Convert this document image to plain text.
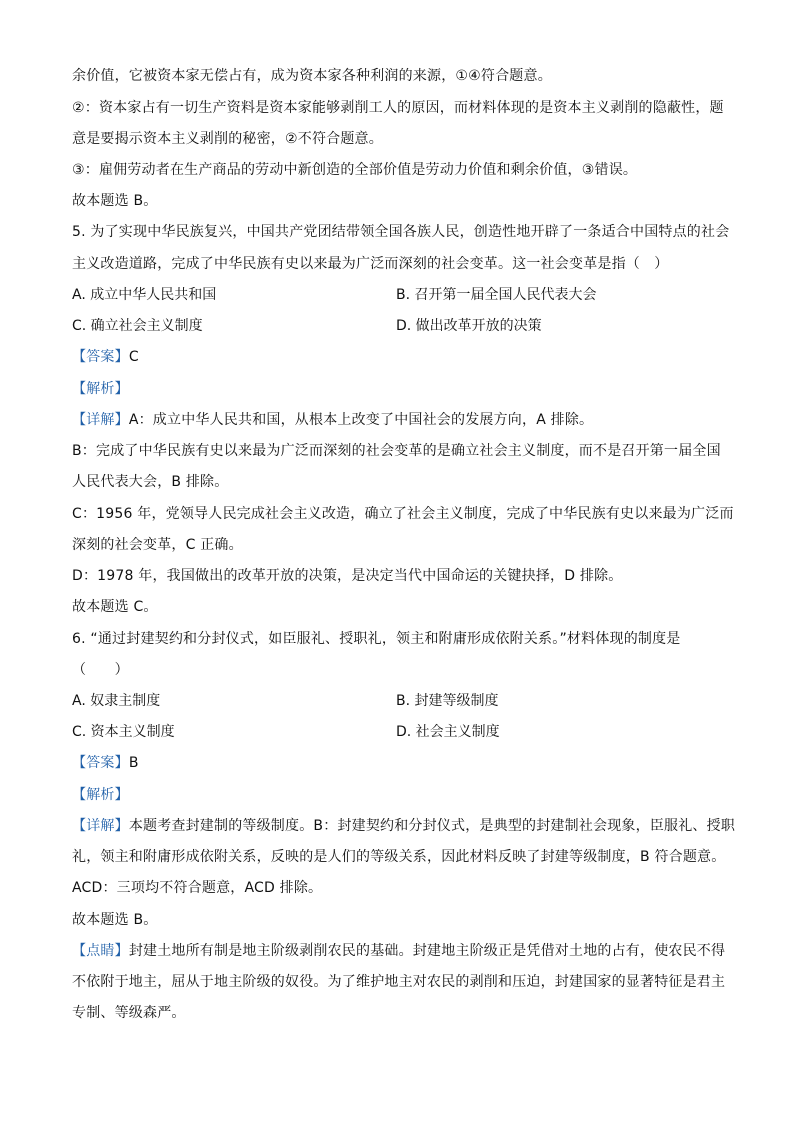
余价值，它被资本家无偿占有，成为资本家各种利润的来源，①④符合题意。
②：资本家占有一切生产资料是资本家能够剥削工人的原因，而材料体现的是资本主义剥削的隐蔽性，题
意是要揭示资本主义剥削的秘密，②不符合题意。
③：雇佣劳动者在生产商品的劳动中新创造的全部价值是劳动力价值和剩余价值，③错误。
故本题选 B。
5. 为了实现中华民族复兴，中国共产党团结带领全国各族人民，创造性地开辟了一条适合中国特点的社会
主义改造道路，完成了中华民族有史以来最为广泛而深刻的社会变革。这一社会变革是指（　）
A. 成立中华人民共和国	B. 召开第一届全国人民代表大会
C. 确立社会主义制度	D. 做出改革开放的决策
【答案】C
【解析】
【详解】A：成立中华人民共和国，从根本上改变了中国社会的发展方向，A 排除。
B：完成了中华民族有史以来最为广泛而深刻的社会变革的是确立社会主义制度，而不是召开第一届全国
人民代表大会，B 排除。
C：1956 年，党领导人民完成社会主义改造，确立了社会主义制度，完成了中华民族有史以来最为广泛而
深刻的社会变革，C 正确。
D：1978 年，我国做出的改革开放的决策，是决定当代中国命运的关键抉择，D 排除。
故本题选 C。
6. “通过封建契约和分封仪式，如臣服礼、授职礼，领主和附庸形成依附关系。”材料体现的制度是
（　　）
A. 奴隶主制度	B. 封建等级制度
C. 资本主义制度	D. 社会主义制度
【答案】B
【解析】
【详解】本题考查封建制的等级制度。B：封建契约和分封仪式，是典型的封建制社会现象，臣服礼、授职
礼，领主和附庸形成依附关系，反映的是人们的等级关系，因此材料反映了封建等级制度，B 符合题意。
ACD：三项均不符合题意，ACD 排除。
故本题选 B。
【点睛】封建土地所有制是地主阶级剥削农民的基础。封建地主阶级正是凭借对土地的占有，使农民不得
不依附于地主，屈从于地主阶级的奴役。为了维护地主对农民的剥削和压迫，封建国家的显著特征是君主
专制、等级森严。
